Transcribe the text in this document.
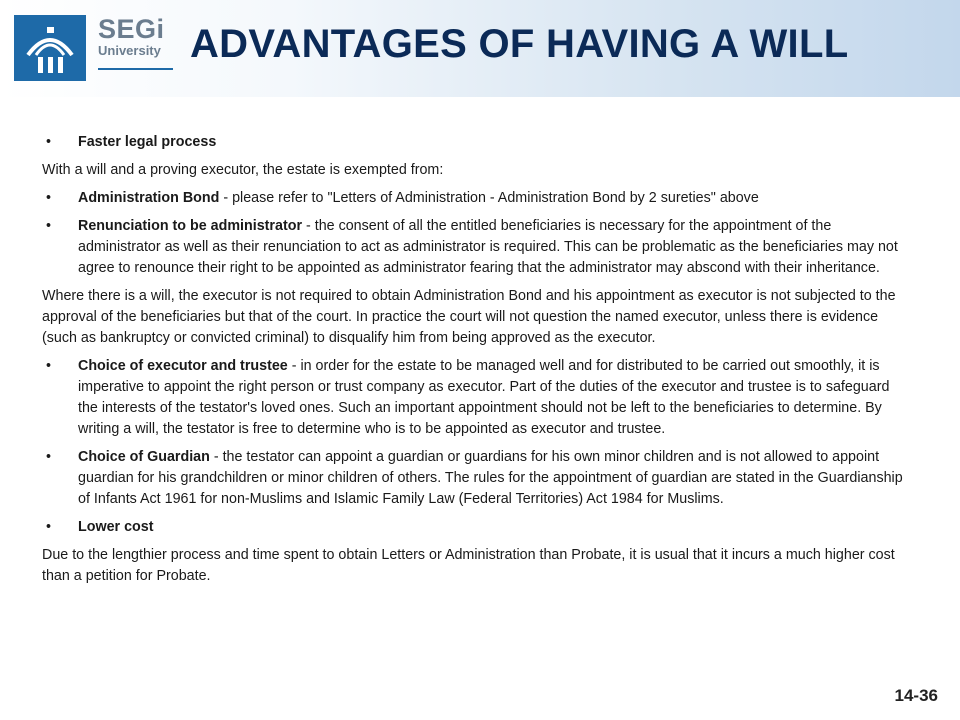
SEGi
University ADVANTAGES OF HAVING A WILL
• Faster legal process

With a will and a proving executor, the estate is exempted from:

• Administration Bond - please refer to "Letters of Administration - Administration Bond by 2 sureties" above
• Renunciation to be administrator - the consent of all the entitled beneficiaries is necessary for the appointment of the administrator as well as their renunciation to act as administrator is required. This can be problematic as the beneficiaries may not agree to renounce their right to be appointed as administrator fearing that the administrator may abscond with their inheritance.

Where there is a will, the executor is not required to obtain Administration Bond and his appointment as executor is not subjected to the approval of the beneficiaries but that of the court. In practice the court will not question the named executor, unless there is evidence (such as bankruptcy or convicted criminal) to disqualify him from being approved as the executor.

• Choice of executor and trustee - in order for the estate to be managed well and for distributed to be carried out smoothly, it is imperative to appoint the right person or trust company as executor. Part of the duties of the executor and trustee is to safeguard the interests of the testator's loved ones. Such an important appointment should not be left to the beneficiaries to determine. By writing a will, the testator is free to determine who is to be appointed as executor and trustee.
• Choice of Guardian - the testator can appoint a guardian or guardians for his own minor children and is not allowed to appoint guardian for his grandchildren or minor children of others. The rules for the appointment of guardian are stated in the Guardianship of Infants Act 1961 for non-Muslims and Islamic Family Law (Federal Territories) Act 1984 for Muslims.
• Lower cost

Due to the lengthier process and time spent to obtain Letters or Administration than Probate, it is usual that it incurs a much higher cost than a petition for Probate.

14-36
